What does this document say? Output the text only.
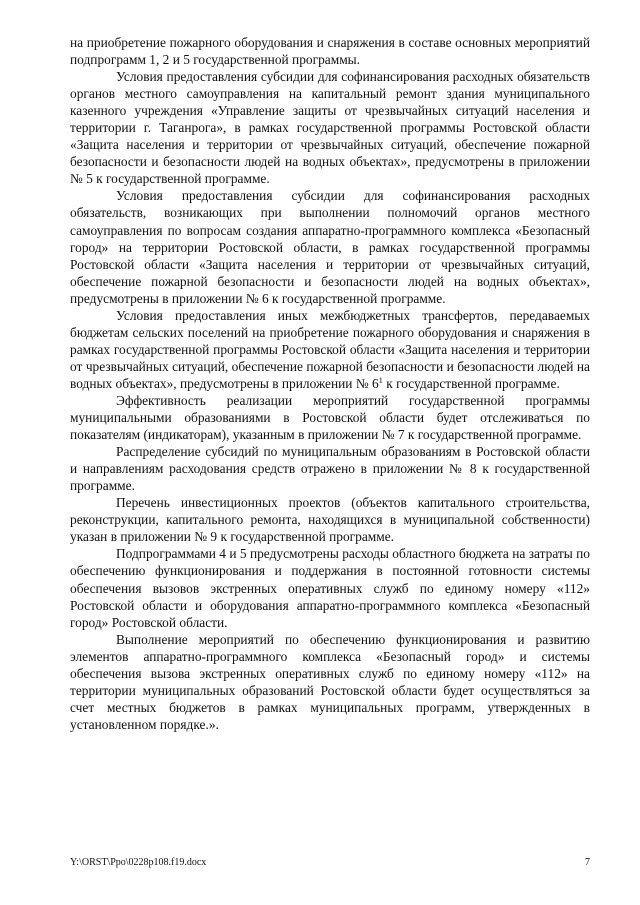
на приобретение пожарного оборудования и снаряжения в составе основных мероприятий подпрограмм 1, 2 и 5 государственной программы.

Условия предоставления субсидии для софинансирования расходных обязательств органов местного самоуправления на капитальный ремонт здания муниципального казенного учреждения «Управление защиты от чрезвычайных ситуаций населения и территории г. Таганрога», в рамках государственной программы Ростовской области «Защита населения и территории от чрезвычайных ситуаций, обеспечение пожарной безопасности и безопасности людей на водных объектах», предусмотрены в приложении № 5 к государственной программе.

Условия предоставления субсидии для софинансирования расходных обязательств, возникающих при выполнении полномочий органов местного самоуправления по вопросам создания аппаратно-программного комплекса «Безопасный город» на территории Ростовской области, в рамках государственной программы Ростовской области «Защита населения и территории от чрезвычайных ситуаций, обеспечение пожарной безопасности и безопасности людей на водных объектах», предусмотрены в приложении № 6 к государственной программе.

Условия предоставления иных межбюджетных трансфертов, передаваемых бюджетам сельских поселений на приобретение пожарного оборудования и снаряжения в рамках государственной программы Ростовской области «Защита населения и территории от чрезвычайных ситуаций, обеспечение пожарной безопасности и безопасности людей на водных объектах», предусмотрены в приложении № $6^1$ к государственной программе.

Эффективность реализации мероприятий государственной программы муниципальными образованиями в Ростовской области будет отслеживаться по показателям (индикаторам), указанным в приложении № 7 к государственной программе.

Распределение субсидий по муниципальным образованиям в Ростовской области и направлениям расходования средств отражено в приложении № 8 к государственной программе.

Перечень инвестиционных проектов (объектов капитального строительства, реконструкции, капитального ремонта, находящихся в муниципальной собственности) указан в приложении № 9 к государственной программе.

Подпрограммами 4 и 5 предусмотрены расходы областного бюджета на затраты по обеспечению функционирования и поддержания в постоянной готовности системы обеспечения вызовов экстренных оперативных служб по единому номеру «112» Ростовской области и оборудования аппаратно-программного комплекса «Безопасный город» Ростовской области.

Выполнение мероприятий по обеспечению функционирования и развитию элементов аппаратно-программного комплекса «Безопасный город» и системы обеспечения вызова экстренных оперативных служб по единому номеру «112» на территории муниципальных образований Ростовской области будет осуществляться за счет местных бюджетов в рамках муниципальных программ, утвержденных в установленном порядке.».

Y:\ORST\Ppo\0228p108.f19.docx	7
